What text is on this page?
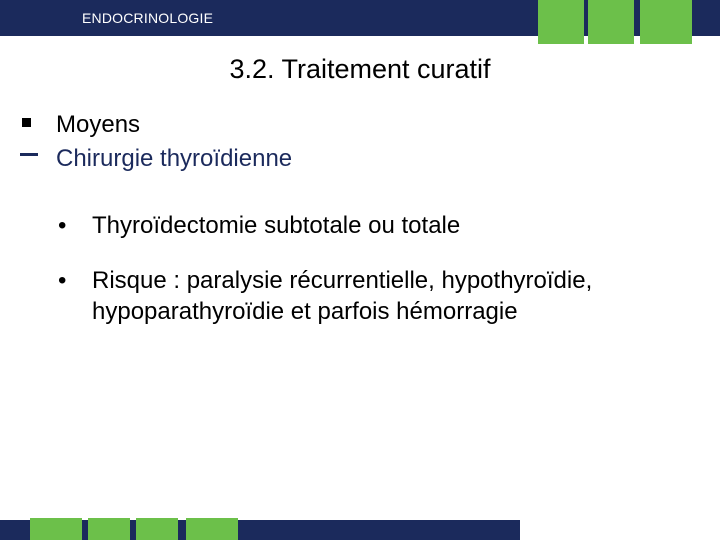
ENDOCRINOLOGIE
3.2. Traitement curatif
Moyens
Chirurgie thyroïdienne
•	Thyroïdectomie subtotale ou totale
•	Risque : paralysie récurrentielle, hypothyroïdie, hypoparathyroïdie et parfois hémorragie
